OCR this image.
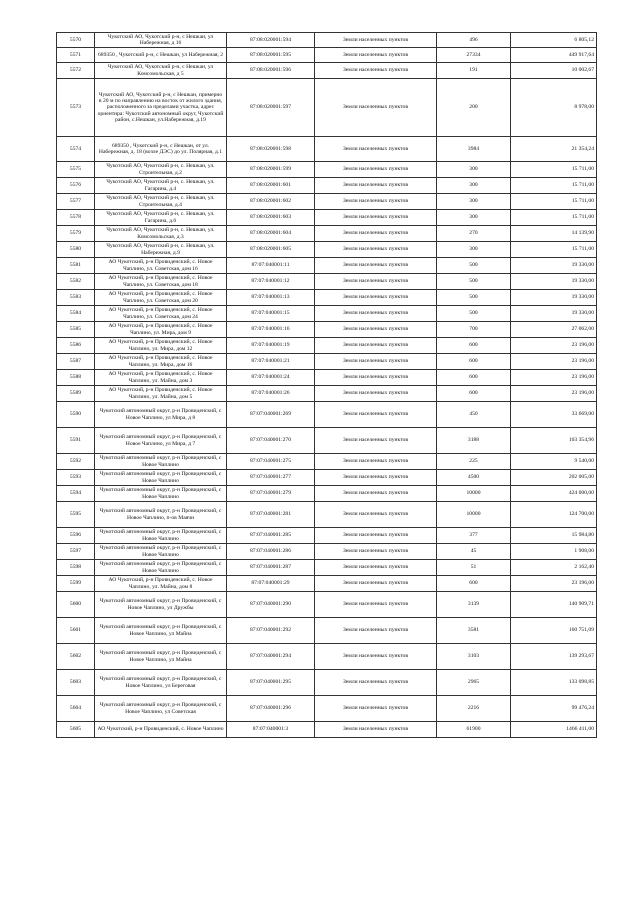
5570	Чукотский АО, Чукотский р-н, с Нешкан, ул Набережная, д 16	87:08:020001:594	Земли населенных пунктов	496	6 805,12
5571	689350 , Чукотский р-н, с Нешкан, ул Набережная, 2	87:08:020001:595	Земли населенных пунктов	27334	449 917,64
5572	Чукотский АО, Чукотский р-н, с Нешкан, ул Комсомольская, д 5	87:08:020001:596	Земли населенных пунктов	191	10 002,67
5573	Чукотский АО, Чукотский р-н, с Нешкан, примерно в 20 м по направлению на восток от жилого здания, расположенного за пределами участка, адрес ориентира: Чукотский автономный округ, Чукотский район, с.Нешкан, ул.Набережная, д.19	87:08:020001:597	Земли населенных пунктов	200	8 978,00
5574	689350 , Чукотский р-н, с Нешкан, от ул. Набережная, д. 18 (возле ДЭС) до ул. Полярная, д.1	87:08:020001:598	Земли населенных пунктов	3984	21 354,24
5575	Чукотский АО, Чукотский р-н, с. Нешкан, ул. Строительная, д.2	87:08:020001:599	Земли населенных пунктов	300	15 711,00
5576	Чукотский АО, Чукотский р-н, с. Нешкан, ул. Гагарина, д.4	87:08:020001:601	Земли населенных пунктов	300	15 711,00
5577	Чукотский АО, Чукотский р-н, с. Нешкан, ул. Строительная, д.4	87:08:020001:602	Земли населенных пунктов	300	15 711,00
5578	Чукотский АО, Чукотский р-н, с. Нешкан, ул. Гагарина, д.6	87:08:020001:603	Земли населенных пунктов	300	15 711,00
5579	Чукотский АО, Чукотский р-н, с. Нешкан, ул. Комсомольская, д.3	87:08:020001:604	Земли населенных пунктов	270	14 139,90
5580	Чукотский АО, Чукотский р-н, с. Нешкан, ул. Набережная, д.9	87:08:020001:605	Земли населенных пунктов	300	15 711,00
5581	АО Чукотский, р-н Провиденский, с. Новое Чаплино, ул. Советская, дом 16	87:07:040001:11	Земли населенных пунктов	500	19 330,00
5582	АО Чукотский, р-н Провиденский, с. Новое Чаплино, ул. Советская, дом 18	87:07:040001:12	Земли населенных пунктов	500	19 330,00
5583	АО Чукотский, р-н Провиденский, с. Новое Чаплино, ул. Советская, дом 20	87:07:040001:13	Земли населенных пунктов	500	19 330,00
5584	АО Чукотский, р-н Провиденский, с. Новое Чаплино, ул. Советская, дом 24	87:07:040001:15	Земли населенных пунктов	500	19 330,00
5585	АО Чукотский, р-н Провиденский, с. Новое Чаплино, ул. Мира, дом 9	87:07:040001:16	Земли населенных пунктов	700	27 062,00
5586	АО Чукотский, р-н Провиденский, с. Новое Чаплино, ул. Мира, дом 12	87:07:040001:19	Земли населенных пунктов	600	23 196,00
5587	АО Чукотский, р-н Провиденский, с. Новое Чаплино, ул. Мира, дом 16	87:07:040001:21	Земли населенных пунктов	600	23 196,00
5588	АО Чукотский, р-н Провиденский, с. Новое Чаплино, ул. Майна, дом 3	87:07:040001:24	Земли населенных пунктов	600	23 196,00
5589	АО Чукотский, р-н Провиденский, с. Новое Чаплино, ул. Майна, дом 5	87:07:040001:26	Земли населенных пунктов	600	23 196,00
5590	Чукотский автономный округ, р-н Провиденский, с Новое Чаплино, ул Мира, д 8	87:07:040001:269	Земли населенных пунктов	450	33 669,00
5591	Чукотский автономный округ, р-н Провиденский, с Новое Чаплино, ул Мира, д 7	87:07:040001:270	Земли населенных пунктов	3188	103 354,96
5592	Чукотский автономный округ, р-н Провиденский, с Новое Чаплино	87:07:040001:275	Земли населенных пунктов	225	9 540,00
5593	Чукотский автономный округ, р-н Провиденский, с Новое Чаплино	87:07:040001:277	Земли населенных пунктов	4500	202 005,00
5594	Чукотский автономный округ, р-н Провиденский, с Новое Чаплино	87:07:040001:279	Земли населенных пунктов	10000	424 000,00
5595	Чукотский автономный округ, р-н Провиденский, с Новое Чаплино, п-ов Маячн	87:07:040001:281	Земли населенных пунктов	10000	124 700,00
5596	Чукотский автономный округ, р-н Провиденский, с Новое Чаплино	87:07:040001:285	Земли населенных пунктов	377	15 984,80
5597	Чукотский автономный округ, р-н Провиденский, с Новое Чаплино	87:07:040001:286	Земли населенных пунктов	45	1 908,00
5598	Чукотский автономный округ, р-н Провиденский, с Новое Чаплино	87:07:040001:287	Земли населенных пунктов	51	2 162,40
5599	АО Чукотский, р-н Провиденский, с. Новое Чаплино, ул. Майна, дом 8	87:07:040001:29	Земли населенных пунктов	600	23 196,00
5600	Чукотский автономный округ, р-н Провиденский, с Новое Чаплино, ул Дружбы	87:07:040001:290	Земли населенных пунктов	3139	140 909,71
5601	Чукотский автономный округ, р-н Провиденский, с Новое Чаплино, ул Майна	87:07:040001:292	Земли населенных пунктов	3581	160 751,09
5602	Чукотский автономный округ, р-н Провиденский, с Новое Чаплино, ул Майна	87:07:040001:294	Земли населенных пунктов	3103	139 293,67
5603	Чукотский автономный округ, р-н Провиденский, с Новое Чаплино, ул Береговая	87:07:040001:295	Земли населенных пунктов	2965	133 098,85
5604	Чукотский автономный округ, р-н Провиденский, с Новое Чаплино, ул Советская	87:07:040001:296	Земли населенных пунктов	2216	99 476,24
5605	АО Чукотский, р-н Провиденский, с. Новое Чаплино	87:07:040001:3	Земли населенных пунктов	61900	1466 411,00
